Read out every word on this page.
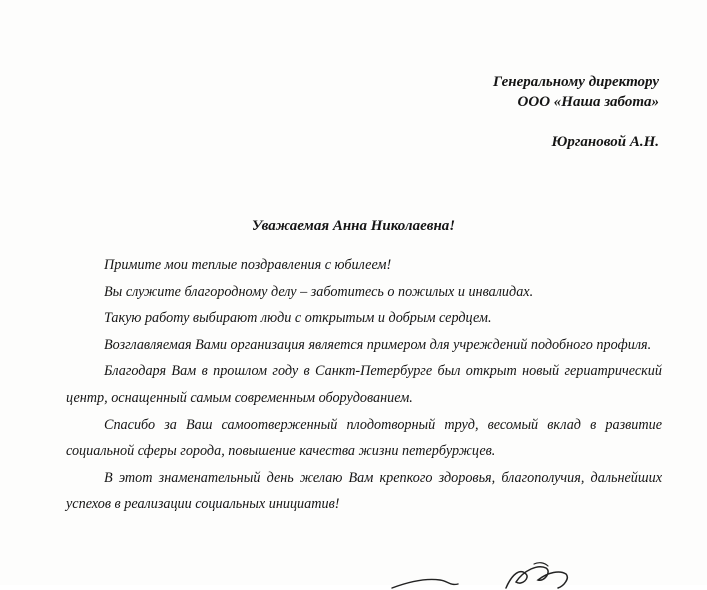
Генеральному директору
ООО «Наша забота»
Юргановой А.Н.
Уважаемая Анна Николаевна!

Примите мои теплые поздравления с юбилеем!

Вы служите благородному делу – заботитесь о пожилых и инвалидах.

Такую работу выбирают люди с открытым и добрым сердцем.

Возглавляемая Вами организация является примером для учреждений подобного профиля.

Благодаря Вам в прошлом году в Санкт-Петербурге был открыт новый гериатрический центр, оснащенный самым современным оборудованием.

Спасибо за Ваш самоотверженный плодотворный труд, весомый вклад в развитие социальной сферы города, повышение качества жизни петербуржцев.

В этот знаменательный день желаю Вам крепкого здоровья, благополучия, дальнейших успехов в реализации социальных инициатив!
